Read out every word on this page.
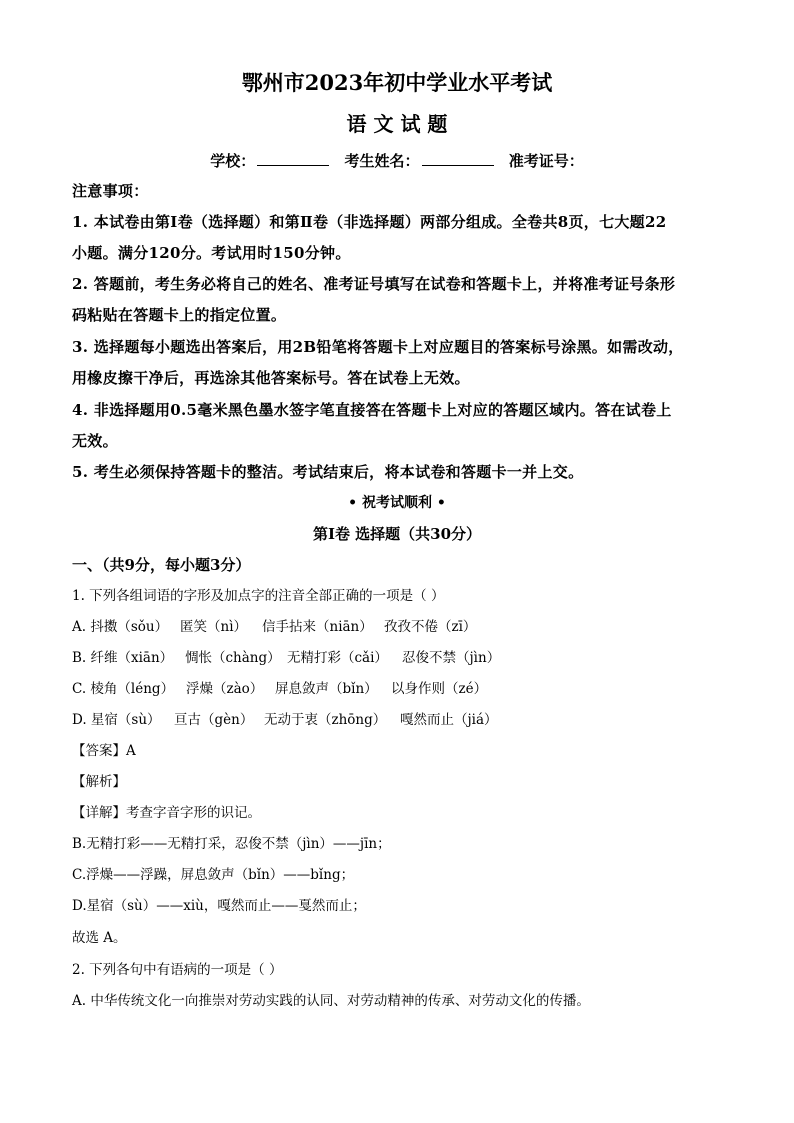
鄂州市2023年初中学业水平考试
语 文 试 题
学校：	考生姓名：	准考证号：
注意事项：
1. 本试卷由第Ⅰ卷（选择题）和第Ⅱ卷（非选择题）两部分组成。全卷共8页，七大题22
小题。满分120分。考试用时150分钟。
2. 答题前，考生务必将自己的姓名、准考证号填写在试卷和答题卡上，并将准考证号条形
码粘贴在答题卡上的指定位置。
3. 选择题每小题选出答案后，用2B铅笔将答题卡上对应题目的答案标号涂黑。如需改动，
用橡皮擦干净后，再选涂其他答案标号。答在试卷上无效。
4. 非选择题用0.5毫米黑色墨水签字笔直接答在答题卡上对应的答题区域内。答在试卷上
无效。
5. 考生必须保持答题卡的整洁。考试结束后，将本试卷和答题卡一并上交。
• 祝考试顺利 •
第Ⅰ卷 选择题（共30分）
一、（共9分，每小题3分）
1. 下列各组词语的字形及加点字的注音全部正确的一项是（ ）
A. 抖擞（sǒu） 匿笑（nì） 信手拈来（niān） 孜孜不倦（zī）
B. 纤维（xiān） 惆怅（chàng） 无精打彩（cǎi） 忍俊不禁（jìn）
C. 棱角（léng） 浮燥（zào） 屏息敛声（bǐn） 以身作则（zé）
D. 星宿（sù） 亘古（gèn） 无动于衷（zhōng） 嘎然而止（jiá）
【答案】A
【解析】
【详解】考查字音字形的识记。
B.无精打彩——无精打采，忍俊不禁（jìn）——jīn；
C.浮燥——浮躁，屏息敛声（bǐn）——bǐng；
D.星宿（sù）——xiù，嘎然而止——戛然而止；
故选 A。
2. 下列各句中有语病的一项是（ ）
A. 中华传统文化一向推崇对劳动实践的认同、对劳动精神的传承、对劳动文化的传播。
